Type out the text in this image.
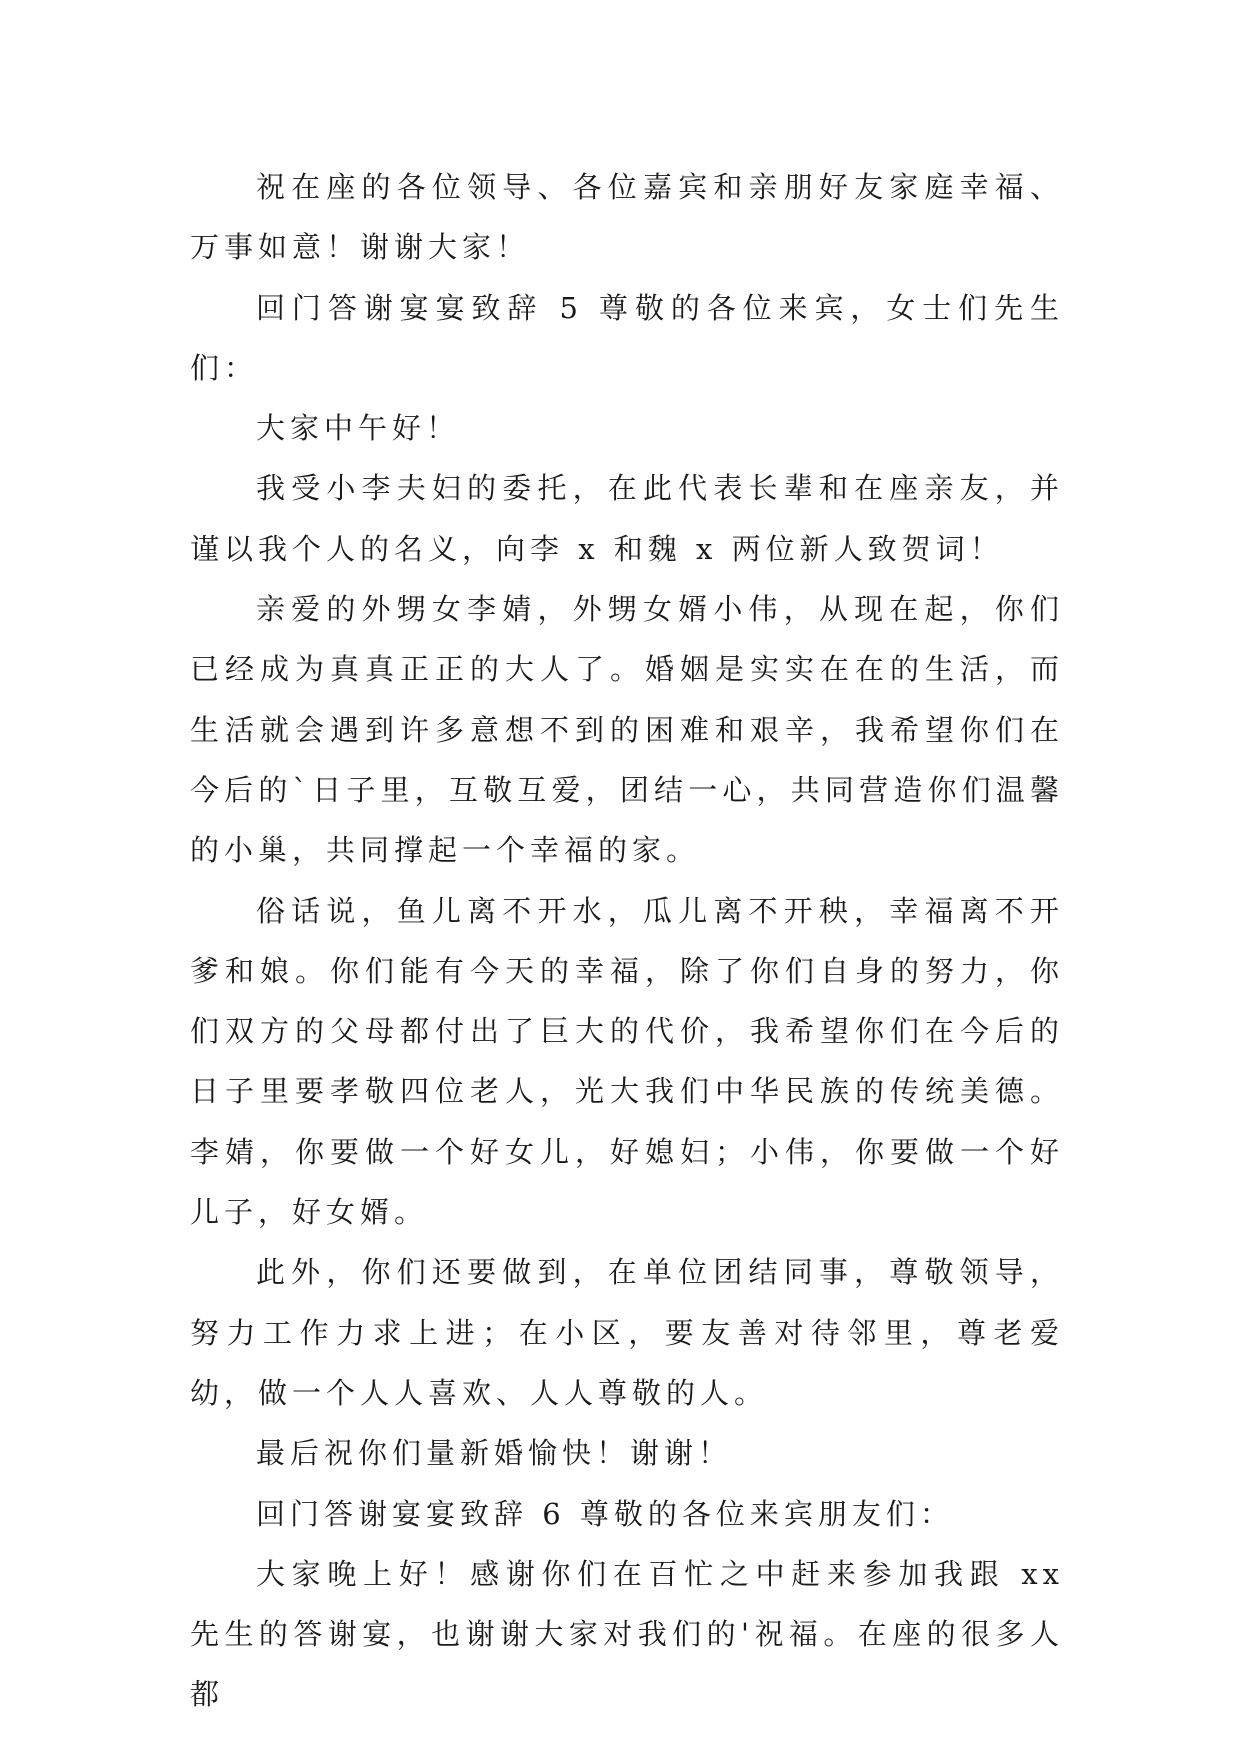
祝在座的各位领导、各位嘉宾和亲朋好友家庭幸福、万事如意！谢谢大家！

回门答谢宴宴致辞 5 尊敬的各位来宾，女士们先生们：

大家中午好！

我受小李夫妇的委托，在此代表长辈和在座亲友，并谨以我个人的名义，向李 x 和魏 x 两位新人致贺词！

亲爱的外甥女李婧，外甥女婿小伟，从现在起，你们已经成为真真正正的大人了。婚姻是实实在在的生活，而生活就会遇到许多意想不到的困难和艰辛，我希望你们在今后的`日子里，互敬互爱，团结一心，共同营造你们温馨的小巢，共同撑起一个幸福的家。

俗话说，鱼儿离不开水，瓜儿离不开秧，幸福离不开爹和娘。你们能有今天的幸福，除了你们自身的努力，你们双方的父母都付出了巨大的代价，我希望你们在今后的日子里要孝敬四位老人，光大我们中华民族的传统美德。李婧，你要做一个好女儿，好媳妇；小伟，你要做一个好儿子，好女婿。

此外，你们还要做到，在单位团结同事，尊敬领导，努力工作力求上进；在小区，要友善对待邻里，尊老爱幼，做一个人人喜欢、人人尊敬的人。

最后祝你们量新婚愉快！谢谢！

回门答谢宴宴致辞 6 尊敬的各位来宾朋友们：

大家晚上好！感谢你们在百忙之中赶来参加我跟 xx 先生的答谢宴，也谢谢大家对我们的'祝福。在座的很多人都
